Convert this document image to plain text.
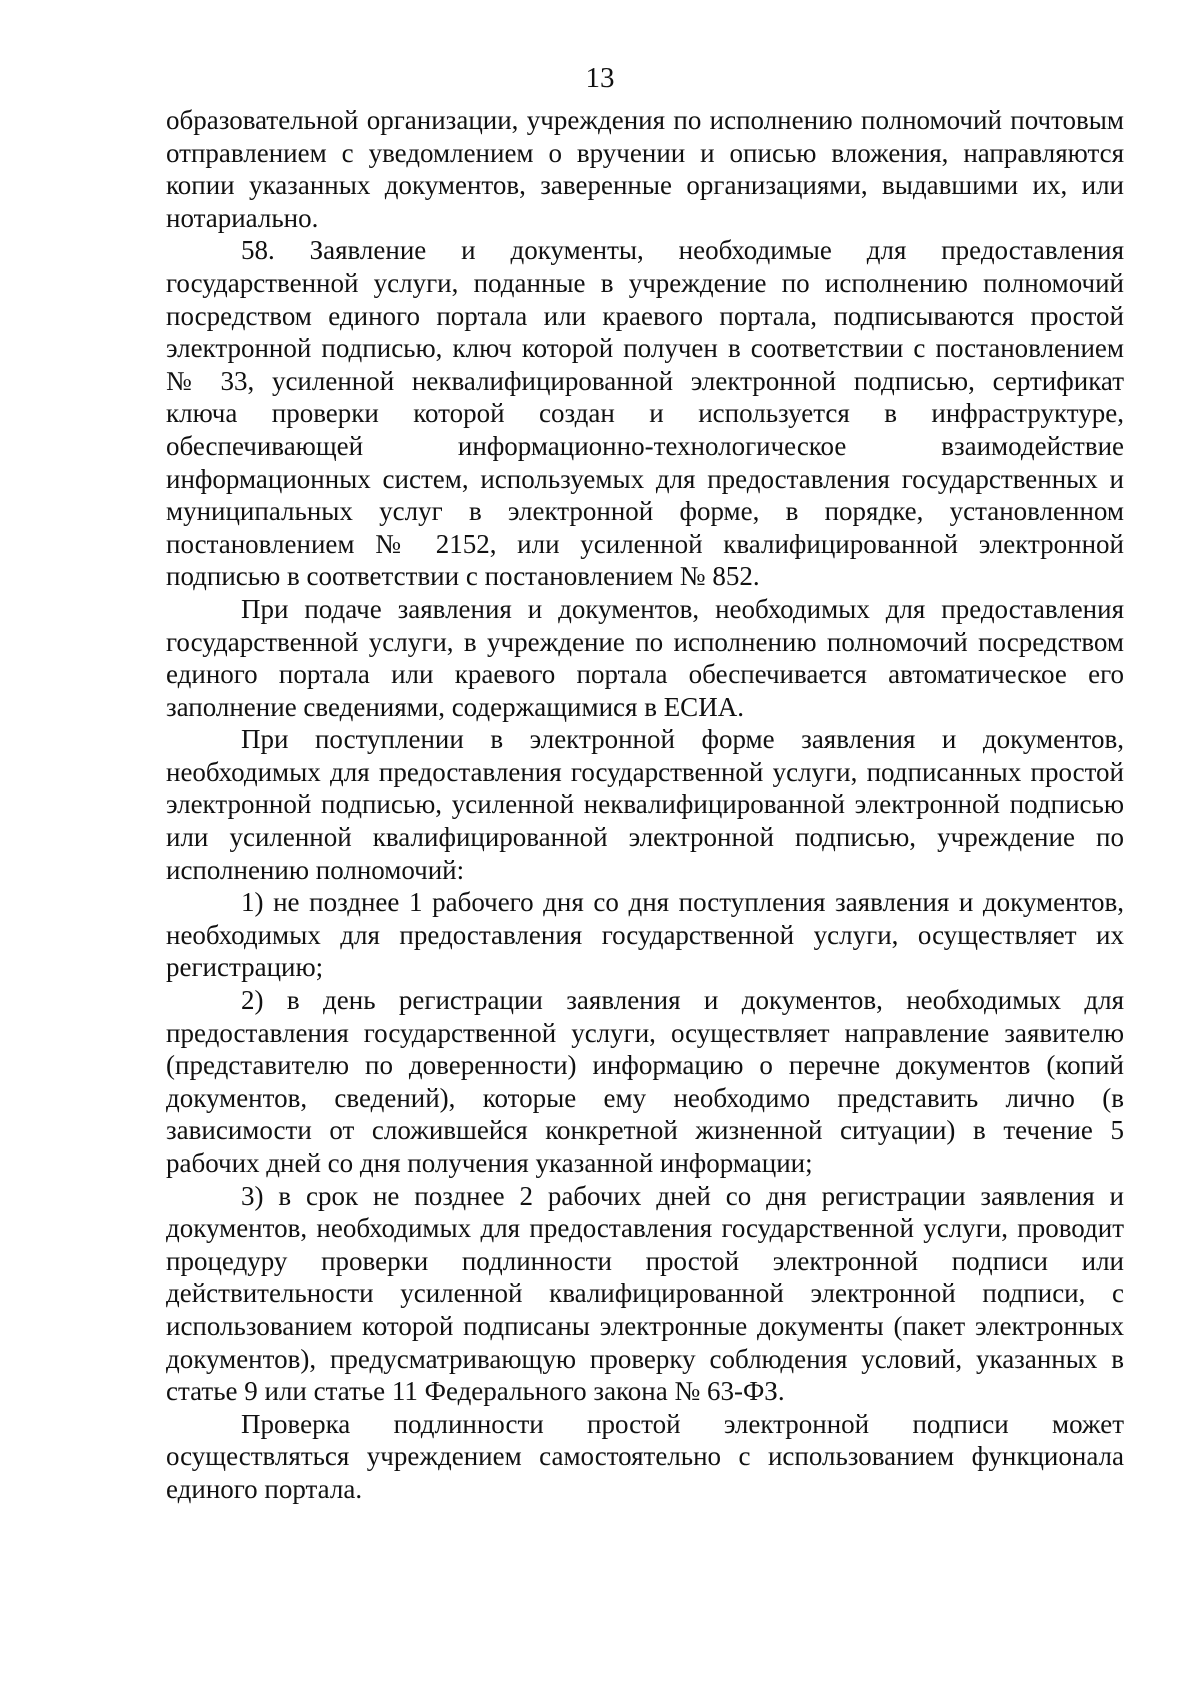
13

образовательной организации, учреждения по исполнению полномочий почтовым отправлением с уведомлением о вручении и описью вложения, направляются копии указанных документов, заверенные организациями, выдавшими их, или нотариально.

58. Заявление и документы, необходимые для предоставления государственной услуги, поданные в учреждение по исполнению полномочий посредством единого портала или краевого портала, подписываются простой электронной подписью, ключ которой получен в соответствии с постановлением № 33, усиленной неквалифицированной электронной подписью, сертификат ключа проверки которой создан и используется в инфраструктуре, обеспечивающей информационно-технологическое взаимодействие информационных систем, используемых для предоставления государственных и муниципальных услуг в электронной форме, в порядке, установленном постановлением № 2152, или усиленной квалифицированной электронной подписью в соответствии с постановлением № 852.

При подаче заявления и документов, необходимых для предоставления государственной услуги, в учреждение по исполнению полномочий посредством единого портала или краевого портала обеспечивается автоматическое его заполнение сведениями, содержащимися в ЕСИА.

При поступлении в электронной форме заявления и документов, необходимых для предоставления государственной услуги, подписанных простой электронной подписью, усиленной неквалифицированной электронной подписью или усиленной квалифицированной электронной подписью, учреждение по исполнению полномочий:

1) не позднее 1 рабочего дня со дня поступления заявления и документов, необходимых для предоставления государственной услуги, осуществляет их регистрацию;

2) в день регистрации заявления и документов, необходимых для предоставления государственной услуги, осуществляет направление заявителю (представителю по доверенности) информацию о перечне документов (копий документов, сведений), которые ему необходимо представить лично (в зависимости от сложившейся конкретной жизненной ситуации) в течение 5 рабочих дней со дня получения указанной информации;

3) в срок не позднее 2 рабочих дней со дня регистрации заявления и документов, необходимых для предоставления государственной услуги, проводит процедуру проверки подлинности простой электронной подписи или действительности усиленной квалифицированной электронной подписи, с использованием которой подписаны электронные документы (пакет электронных документов), предусматривающую проверку соблюдения условий, указанных в статье 9 или статье 11 Федерального закона № 63-ФЗ.

Проверка подлинности простой электронной подписи может осуществляться учреждением самостоятельно с использованием функционала единого портала.
